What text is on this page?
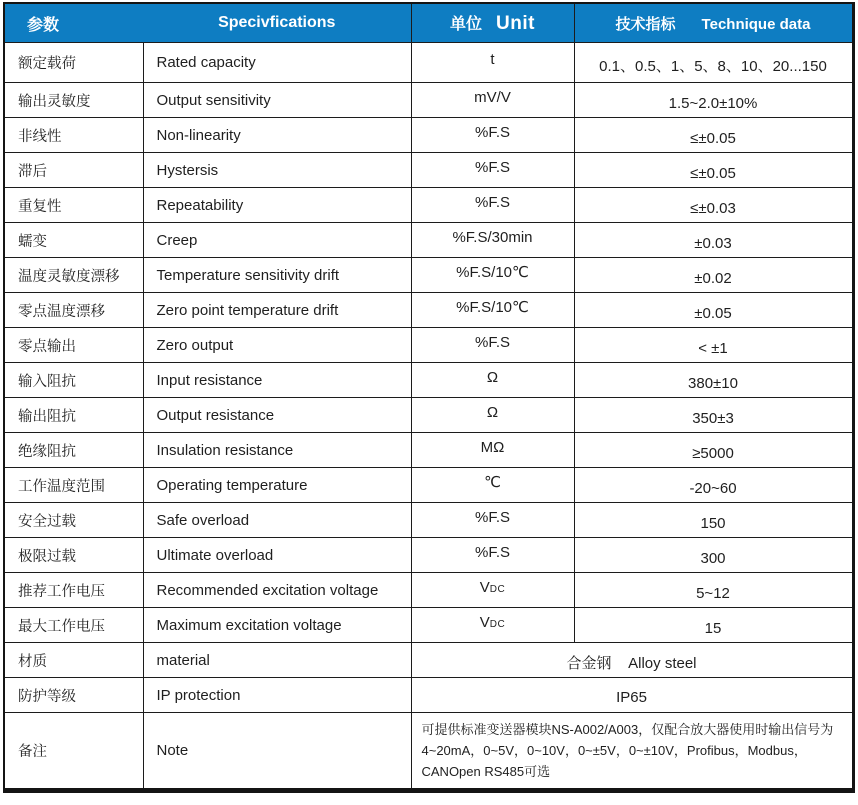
参数	Specivfications	单位 Unit	技术指标 Technique data
额定载荷	Rated capacity	t	0.1、0.5、1、5、8、10、20...150
输出灵敏度	Output sensitivity	mV/V	1.5~2.0±10%
非线性	Non-linearity	%F.S	≤±0.05
滞后	Hystersis	%F.S	≤±0.05
重复性	Repeatability	%F.S	≤±0.03
蠕变	Creep	%F.S/30min	±0.03
温度灵敏度漂移	Temperature sensitivity drift	%F.S/10℃	±0.02
零点温度漂移	Zero point temperature drift	%F.S/10℃	±0.05
零点输出	Zero output	%F.S	< ±1
输入阻抗	Input resistance	Ω	380±10
输出阻抗	Output resistance	Ω	350±3
绝缘阻抗	Insulation resistance	MΩ	≥5000
工作温度范围	Operating temperature	℃	-20~60
安全过载	Safe overload	%F.S	150
极限过载	Ultimate overload	%F.S	300
推荐工作电压	Recommended excitation voltage	VDC	5~12
最大工作电压	Maximum excitation voltage	VDC	15
材质	material	合金钢    Alloy steel	
防护等级	IP protection	IP65	
备注	Note	可提供标准变送器模块NS-A002/A003，仅配合放大器使用时输出信号为4~20mA，0~5V，0~10V，0~±5V，0~±10V，Profibus，Modbus，CANOpen RS485可选	
